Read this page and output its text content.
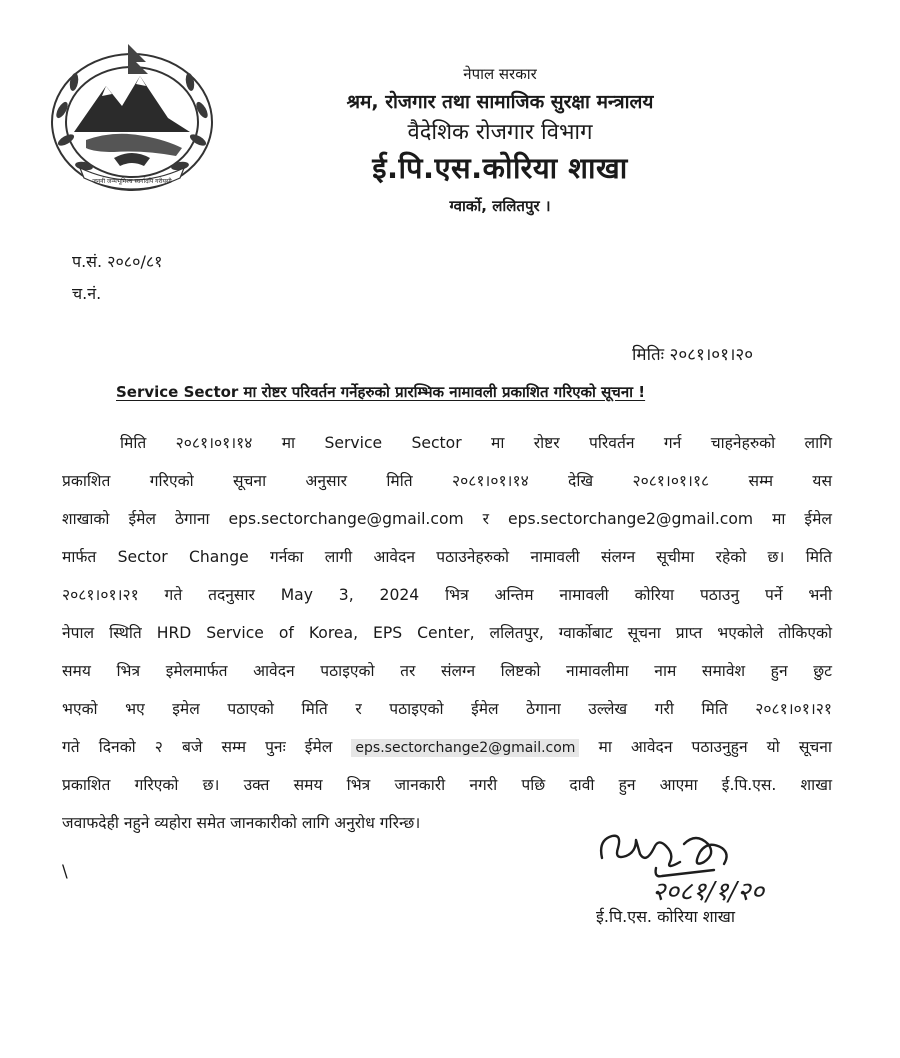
जननी जन्मभूमिश्च स्वर्गादपि गरीयसी
नेपाल सरकार
श्रम, रोजगार तथा सामाजिक सुरक्षा मन्त्रालय
वैदेशिक रोजगार विभाग
ई.पि.एस.कोरिया शाखा
ग्वार्को, ललितपुर ।
प.सं. २०८०/८१
च.नं.
मितिः २०८१।०१।२०
Service Sector मा रोष्टर परिवर्तन गर्नेहरुको प्रारम्भिक नामावली प्रकाशित गरिएको सूचना !
मिति २०८१।०१।१४ मा Service Sector मा रोष्टर परिवर्तन गर्न चाहनेहरुको लागि
प्रकाशित गरिएको सूचना अनुसार मिति २०८१।०१।१४ देखि २०८१।०१।१८ सम्म यस
शाखाको ईमेल ठेगाना eps.sectorchange@gmail.com र eps.sectorchange2@gmail.com मा ईमेल
मार्फत Sector Change गर्नका लागी आवेदन पठाउनेहरुको नामावली संलग्न सूचीमा रहेको छ। मिति
२०८१।०१।२१ गते तदनुसार May 3, 2024 भित्र अन्तिम नामावली कोरिया पठाउनु पर्ने भनी
नेपाल स्थिति HRD Service of Korea, EPS Center, ललितपुर, ग्वार्कोबाट सूचना प्राप्त भएकोले तोकिएको
समय भित्र इमेलमार्फत आवेदन पठाइएको तर संलग्न लिष्टको नामावलीमा नाम समावेश हुन छुट
भएको भए इमेल पठाएको मिति र पठाइएको ईमेल ठेगाना उल्लेख गरी मिति २०८१।०१।२१
गते दिनको २ बजे सम्म पुनः ईमेल eps.sectorchange2@gmail.com मा आवेदन पठाउनुहुन यो सूचना
प्रकाशित गरिएको छ। उक्त समय भित्र जानकारी नगरी पछि दावी हुन आएमा ई.पि.एस. शाखा
जवाफदेही नहुने व्यहोरा समेत जानकारीको लागि अनुरोध गरिन्छ।
\
२०८१/१/२०
ई.पि.एस. कोरिया शाखा
